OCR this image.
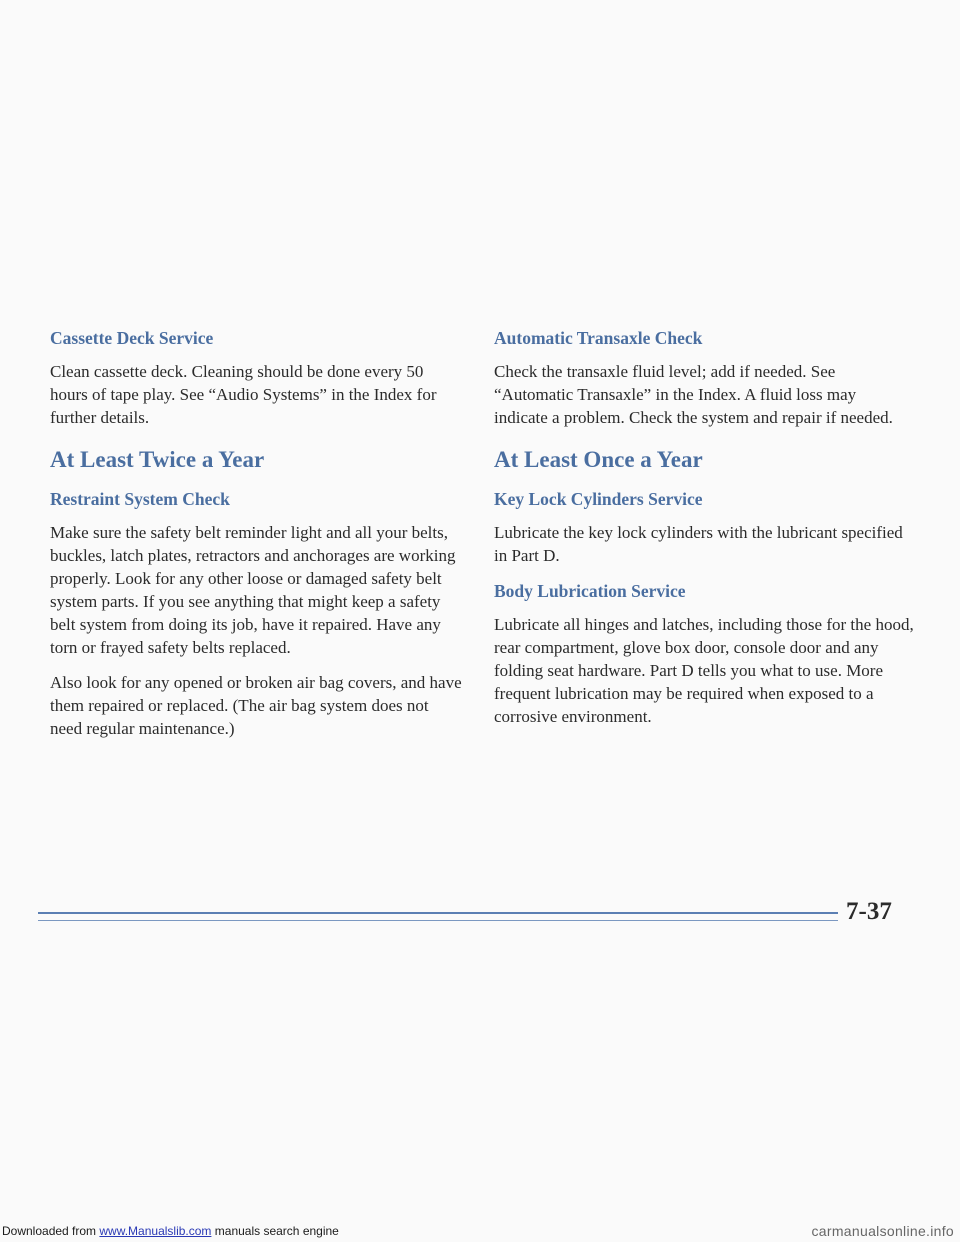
Cassette Deck Service

Clean cassette deck. Cleaning should be done every 50 hours of tape play. See “Audio Systems” in the Index for further details.

At Least Twice a Year
Restraint System Check

Make sure the safety belt reminder light and all your belts, buckles, latch plates, retractors and anchorages are working properly. Look for any other loose or damaged safety belt system parts. If you see anything that might keep a safety belt system from doing its job, have it repaired. Have any torn or frayed safety belts replaced.

Also look for any opened or broken air bag covers, and have them repaired or replaced. (The air bag system does not need regular maintenance.)

Automatic Transaxle Check

Check the transaxle fluid level; add if needed. See “Automatic Transaxle” in the Index. A fluid loss may indicate a problem. Check the system and repair if needed.

At Least Once a Year
Key Lock Cylinders Service

Lubricate the key lock cylinders with the lubricant specified in Part D.

Body Lubrication Service

Lubricate all hinges and latches, including those for the hood, rear compartment, glove box door, console door and any folding seat hardware. Part D tells you what to use. More frequent lubrication may be required when exposed to a corrosive environment.

7-37
Downloaded from www.Manualslib.com manuals search engine	carmanualsonline.info
